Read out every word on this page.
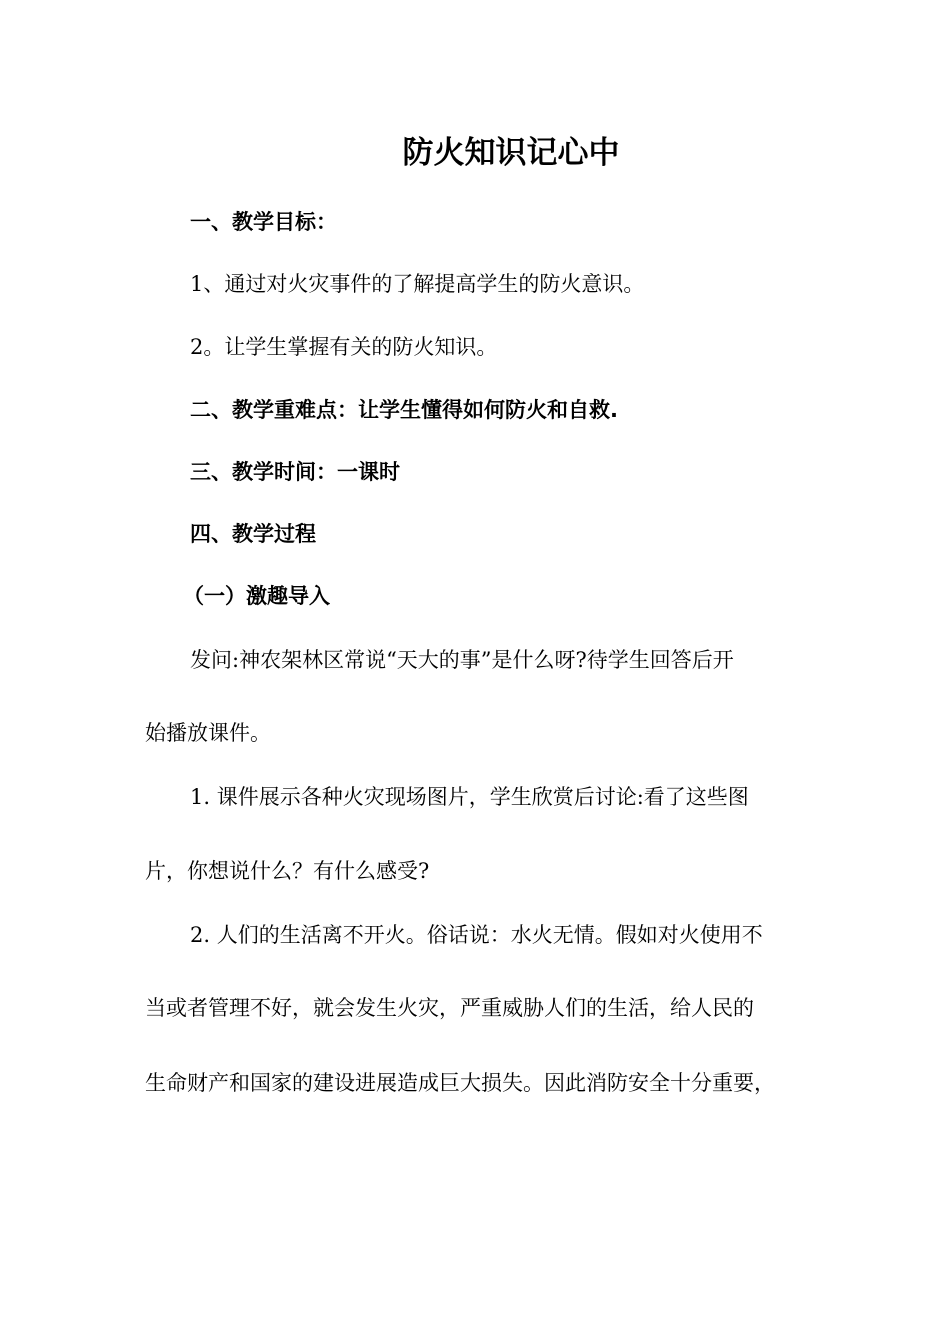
防火知识记心中
一、教学目标：
1、通过对火灾事件的了解提高学生的防火意识。
2。让学生掌握有关的防火知识。
二、教学重难点：让学生懂得如何防火和自救.
三、教学时间：一课时
四、教学过程
（一）激趣导入
发问:神农架林区常说“天大的事”是什么呀?待学生回答后开
始播放课件。
1. 课件展示各种火灾现场图片，学生欣赏后讨论:看了这些图
片，你想说什么？有什么感受?
2. 人们的生活离不开火。俗话说：水火无情。假如对火使用不
当或者管理不好，就会发生火灾，严重威胁人们的生活，给人民的
生命财产和国家的建设进展造成巨大损失。因此消防安全十分重要，
